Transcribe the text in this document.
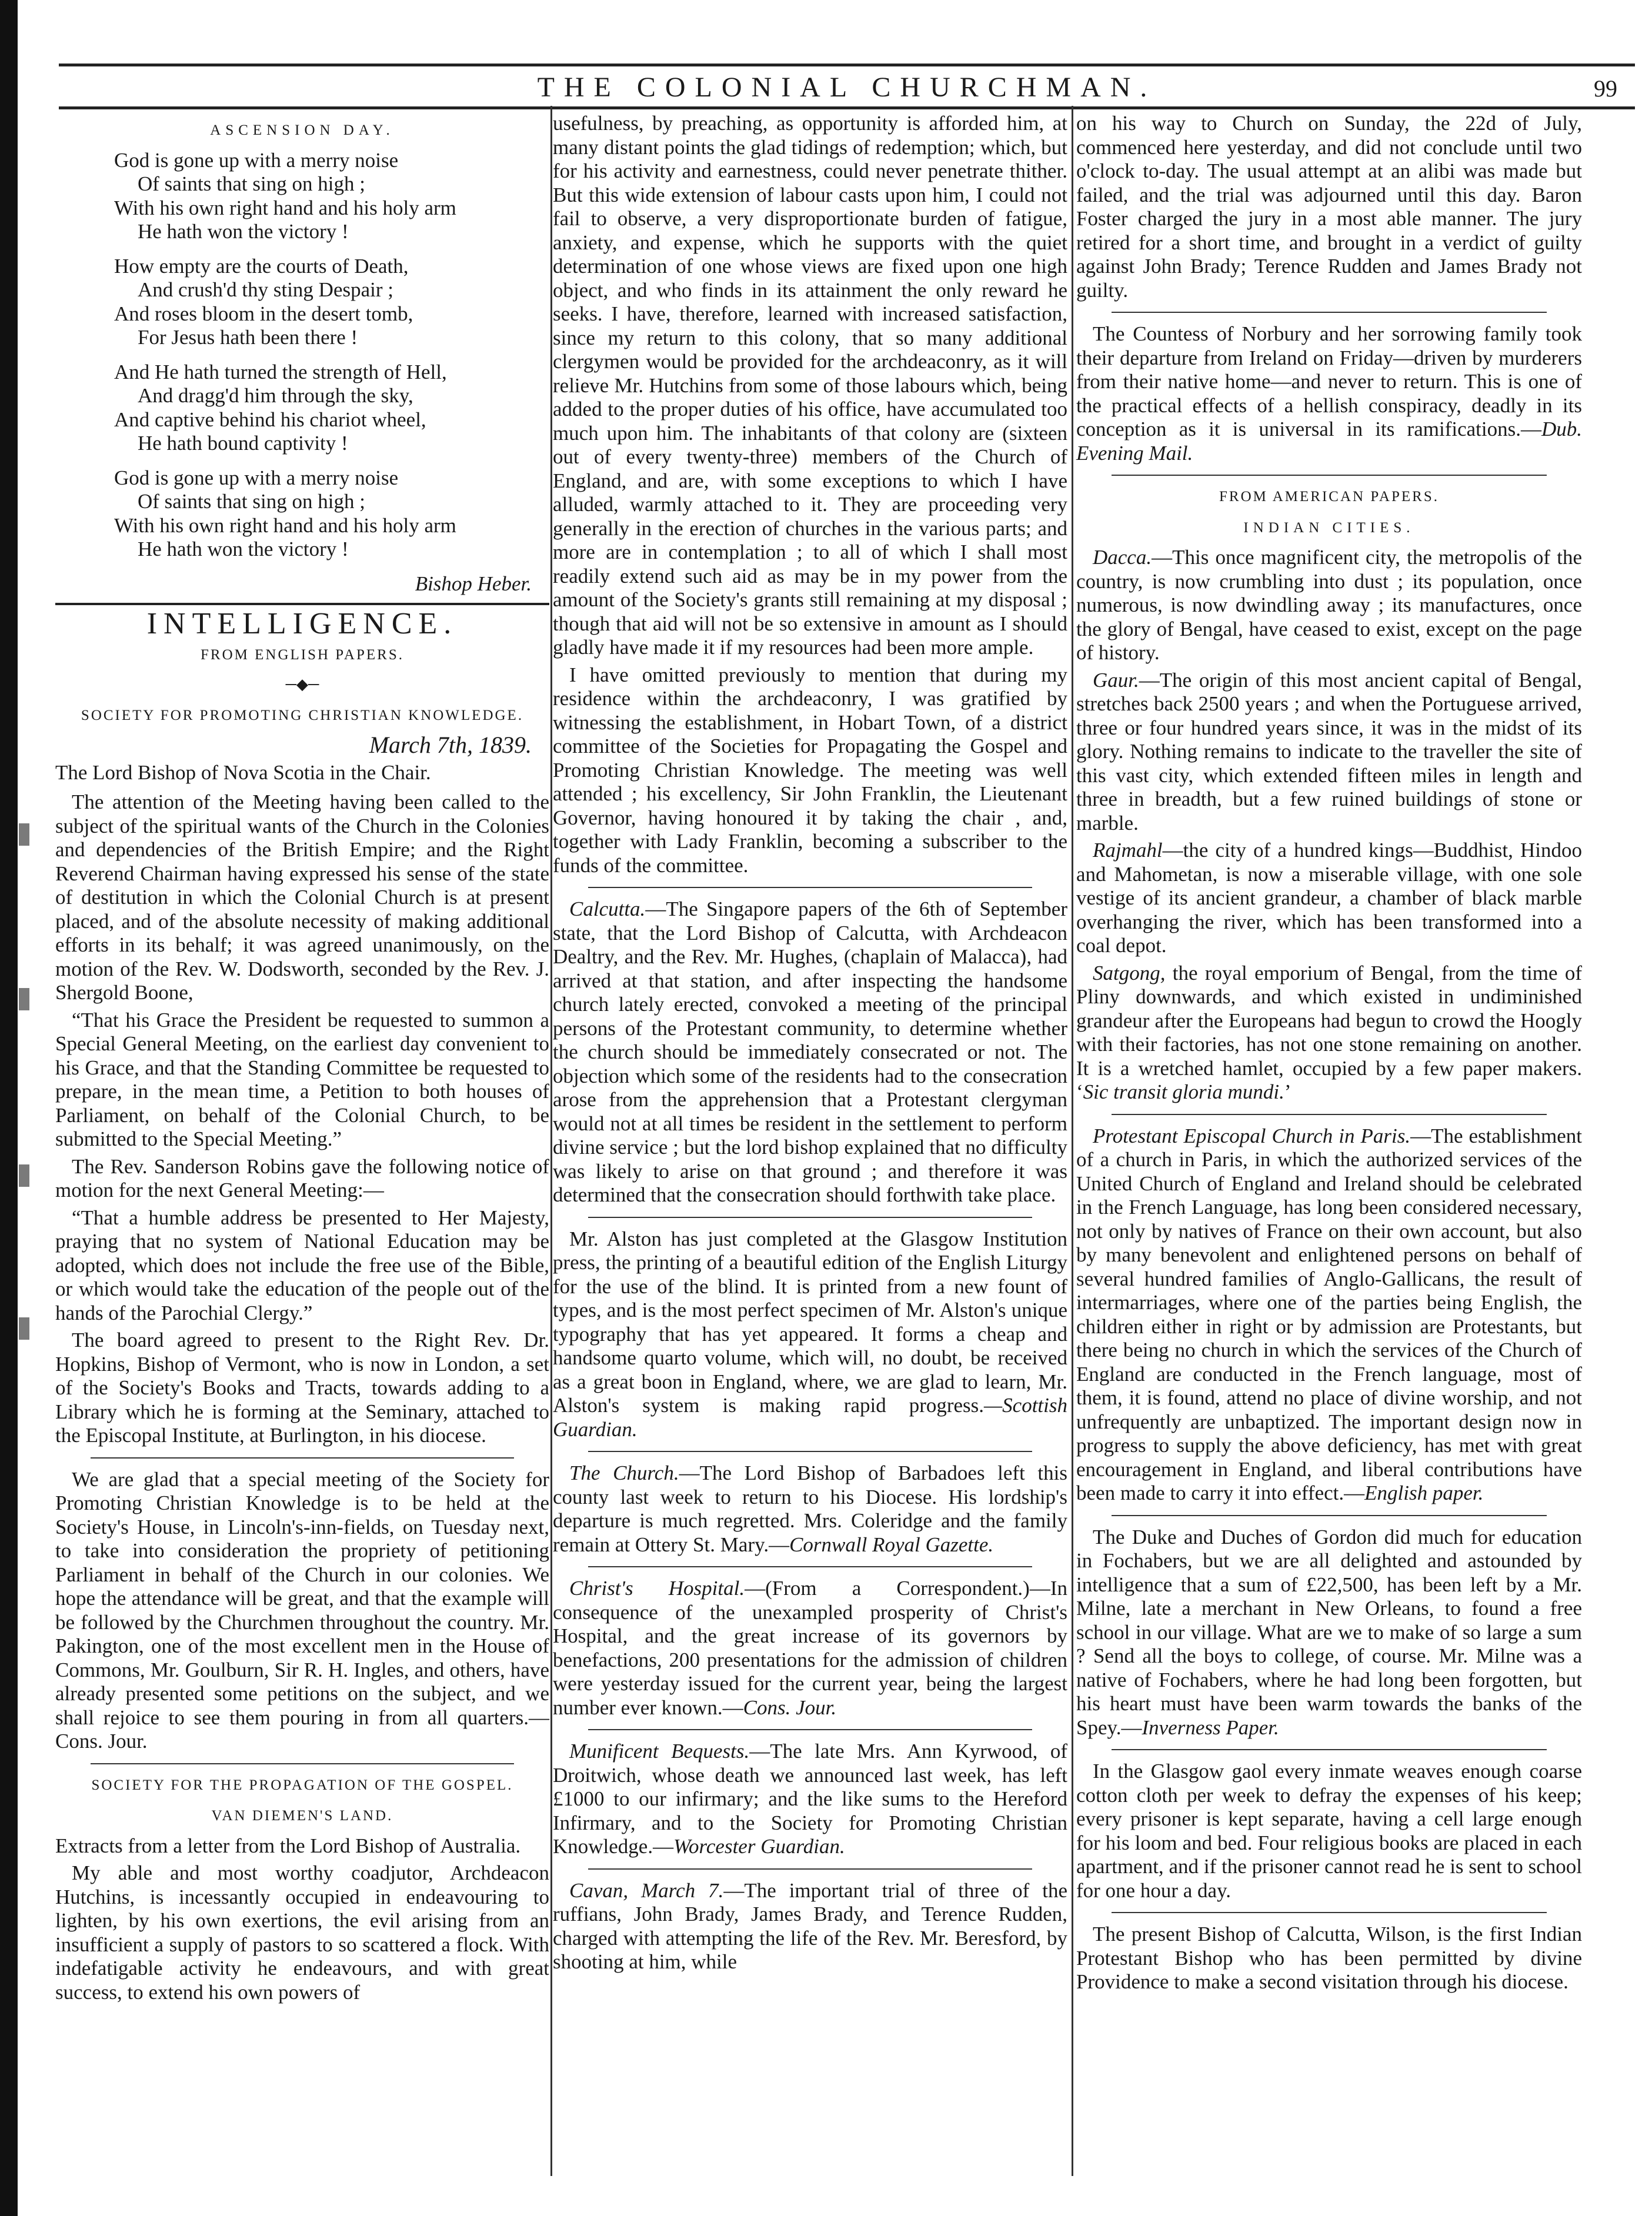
THE COLONIAL CHURCHMAN.	99
ASCENSION DAY.

God is gone up with a merry noise
Of saints that sing on high ;
With his own right hand and his holy arm
He hath won the victory !

How empty are the courts of Death,
And crush'd thy sting Despair ;
And roses bloom in the desert tomb,
For Jesus hath been there !

And He hath turned the strength of Hell,
And dragg'd him through the sky,
And captive behind his chariot wheel,
He hath bound captivity !

God is gone up with a merry noise
Of saints that sing on high ;
With his own right hand and his holy arm
He hath won the victory !

Bishop Heber.

INTELLIGENCE.
FROM ENGLISH PAPERS.
─◆─
SOCIETY FOR PROMOTING CHRISTIAN KNOWLEDGE.

March 7th, 1839.

The Lord Bishop of Nova Scotia in the Chair.

The attention of the Meeting having been called to the subject of the spiritual wants of the Church in the Colonies and dependencies of the British Empire; and the Right Reverend Chairman having expressed his sense of the state of destitution in which the Colonial Church is at present placed, and of the absolute necessity of making additional efforts in its behalf; it was agreed unanimously, on the motion of the Rev. W. Dodsworth, seconded by the Rev. J. Shergold Boone,

“That his Grace the President be requested to summon a Special General Meeting, on the earliest day convenient to his Grace, and that the Standing Committee be requested to prepare, in the mean time, a Petition to both houses of Parliament, on behalf of the Colonial Church, to be submitted to the Special Meeting.”

The Rev. Sanderson Robins gave the following notice of motion for the next General Meeting:—

“That a humble address be presented to Her Majesty, praying that no system of National Education may be adopted, which does not include the free use of the Bible, or which would take the education of the people out of the hands of the Parochial Clergy.”

The board agreed to present to the Right Rev. Dr. Hopkins, Bishop of Vermont, who is now in London, a set of the Society's Books and Tracts, towards adding to a Library which he is forming at the Seminary, attached to the Episcopal Institute, at Burlington, in his diocese.

We are glad that a special meeting of the Society for Promoting Christian Knowledge is to be held at the Society's House, in Lincoln's-inn-fields, on Tuesday next, to take into consideration the propriety of petitioning Parliament in behalf of the Church in our colonies. We hope the attendance will be great, and that the example will be followed by the Churchmen throughout the country. Mr. Pakington, one of the most excellent men in the House of Commons, Mr. Goulburn, Sir R. H. Ingles, and others, have already presented some petitions on the subject, and we shall rejoice to see them pouring in from all quarters.—Cons. Jour.

SOCIETY FOR THE PROPAGATION OF THE GOSPEL.
VAN DIEMEN'S LAND.

Extracts from a letter from the Lord Bishop of Australia.

My able and most worthy coadjutor, Archdeacon Hutchins, is incessantly occupied in endeavouring to lighten, by his own exertions, the evil arising from an insufficient a supply of pastors to so scattered a flock. With indefatigable activity he endeavours, and with great success, to extend his own powers of

usefulness, by preaching, as opportunity is afforded him, at many distant points the glad tidings of redemption; which, but for his activity and earnestness, could never penetrate thither. But this wide extension of labour casts upon him, I could not fail to observe, a very disproportionate burden of fatigue, anxiety, and expense, which he supports with the quiet determination of one whose views are fixed upon one high object, and who finds in its attainment the only reward he seeks. I have, therefore, learned with increased satisfaction, since my return to this colony, that so many additional clergymen would be provided for the archdeaconry, as it will relieve Mr. Hutchins from some of those labours which, being added to the proper duties of his office, have accumulated too much upon him. The inhabitants of that colony are (sixteen out of every twenty-three) members of the Church of England, and are, with some exceptions to which I have alluded, warmly attached to it. They are proceeding very generally in the erection of churches in the various parts; and more are in contemplation ; to all of which I shall most readily extend such aid as may be in my power from the amount of the Society's grants still remaining at my disposal ; though that aid will not be so extensive in amount as I should gladly have made it if my resources had been more ample.

I have omitted previously to mention that during my residence within the archdeaconry, I was gratified by witnessing the establishment, in Hobart Town, of a district committee of the Societies for Propagating the Gospel and Promoting Christian Knowledge. The meeting was well attended ; his excellency, Sir John Franklin, the Lieutenant Governor, having honoured it by taking the chair , and, together with Lady Franklin, becoming a subscriber to the funds of the committee.

Calcutta.—The Singapore papers of the 6th of September state, that the Lord Bishop of Calcutta, with Archdeacon Dealtry, and the Rev. Mr. Hughes, (chaplain of Malacca), had arrived at that station, and after inspecting the handsome church lately erected, convoked a meeting of the principal persons of the Protestant community, to determine whether the church should be immediately consecrated or not. The objection which some of the residents had to the consecration arose from the apprehension that a Protestant clergyman would not at all times be resident in the settlement to perform divine service ; but the lord bishop explained that no difficulty was likely to arise on that ground ; and therefore it was determined that the consecration should forthwith take place.

Mr. Alston has just completed at the Glasgow Institution press, the printing of a beautiful edition of the English Liturgy for the use of the blind. It is printed from a new fount of types, and is the most perfect specimen of Mr. Alston's unique typography that has yet appeared. It forms a cheap and handsome quarto volume, which will, no doubt, be received as a great boon in England, where, we are glad to learn, Mr. Alston's system is making rapid progress.—Scottish Guardian.

The Church.—The Lord Bishop of Barbadoes left this county last week to return to his Diocese. His lordship's departure is much regretted. Mrs. Coleridge and the family remain at Ottery St. Mary.—Cornwall Royal Gazette.

Christ's Hospital.—(From a Correspondent.)—In consequence of the unexampled prosperity of Christ's Hospital, and the great increase of its governors by benefactions, 200 presentations for the admission of children were yesterday issued for the current year, being the largest number ever known.—Cons. Jour.

Munificent Bequests.—The late Mrs. Ann Kyrwood, of Droitwich, whose death we announced last week, has left £1000 to our infirmary; and the like sums to the Hereford Infirmary, and to the Society for Promoting Christian Knowledge.—Worcester Guardian.

Cavan, March 7.—The important trial of three of the ruffians, John Brady, James Brady, and Terence Rudden, charged with attempting the life of the Rev. Mr. Beresford, by shooting at him, while

on his way to Church on Sunday, the 22d of July, commenced here yesterday, and did not conclude until two o'clock to-day. The usual attempt at an alibi was made but failed, and the trial was adjourned until this day. Baron Foster charged the jury in a most able manner. The jury retired for a short time, and brought in a verdict of guilty against John Brady; Terence Rudden and James Brady not guilty.

The Countess of Norbury and her sorrowing family took their departure from Ireland on Friday—driven by murderers from their native home—and never to return. This is one of the practical effects of a hellish conspiracy, deadly in its conception as it is universal in its ramifications.—Dub. Evening Mail.

FROM AMERICAN PAPERS.
INDIAN CITIES.

Dacca.—This once magnificent city, the metropolis of the country, is now crumbling into dust ; its population, once numerous, is now dwindling away ; its manufactures, once the glory of Bengal, have ceased to exist, except on the page of history.

Gaur.—The origin of this most ancient capital of Bengal, stretches back 2500 years ; and when the Portuguese arrived, three or four hundred years since, it was in the midst of its glory. Nothing remains to indicate to the traveller the site of this vast city, which extended fifteen miles in length and three in breadth, but a few ruined buildings of stone or marble.

Rajmahl—the city of a hundred kings—Buddhist, Hindoo and Mahometan, is now a miserable village, with one sole vestige of its ancient grandeur, a chamber of black marble overhanging the river, which has been transformed into a coal depot.

Satgong, the royal emporium of Bengal, from the time of Pliny downwards, and which existed in undiminished grandeur after the Europeans had begun to crowd the Hoogly with their factories, has not one stone remaining on another. It is a wretched hamlet, occupied by a few paper makers. ‘Sic transit gloria mundi.’

Protestant Episcopal Church in Paris.—The establishment of a church in Paris, in which the authorized services of the United Church of England and Ireland should be celebrated in the French Language, has long been considered necessary, not only by natives of France on their own account, but also by many benevolent and enlightened persons on behalf of several hundred families of Anglo-Gallicans, the result of intermarriages, where one of the parties being English, the children either in right or by admission are Protestants, but there being no church in which the services of the Church of England are conducted in the French language, most of them, it is found, attend no place of divine worship, and not unfrequently are unbaptized. The important design now in progress to supply the above deficiency, has met with great encouragement in England, and liberal contributions have been made to carry it into effect.—English paper.

The Duke and Duches of Gordon did much for education in Fochabers, but we are all delighted and astounded by intelligence that a sum of £22,500, has been left by a Mr. Milne, late a merchant in New Orleans, to found a free school in our village. What are we to make of so large a sum ? Send all the boys to college, of course. Mr. Milne was a native of Fochabers, where he had long been forgotten, but his heart must have been warm towards the banks of the Spey.—Inverness Paper.

In the Glasgow gaol every inmate weaves enough coarse cotton cloth per week to defray the expenses of his keep; every prisoner is kept separate, having a cell large enough for his loom and bed. Four religious books are placed in each apartment, and if the prisoner cannot read he is sent to school for one hour a day.

The present Bishop of Calcutta, Wilson, is the first Indian Protestant Bishop who has been permitted by divine Providence to make a second visitation through his diocese.
